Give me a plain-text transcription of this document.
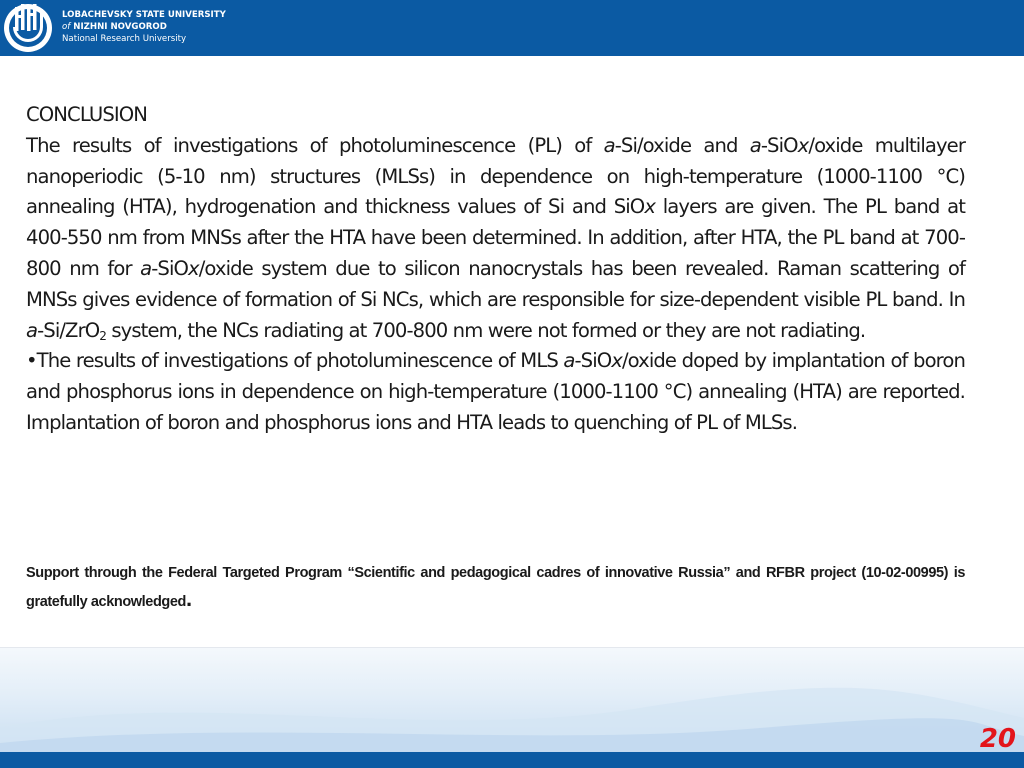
LOBACHEVSKY STATE UNIVERSITY
of NIZHNI NOVGOROD
National Research University

CONCLUSION

The results of investigations of photoluminescence (PL) of a-Si/oxide and a-SiOx/oxide multilayer nanoperiodic (5-10 nm) structures (MLSs) in dependence on high-temperature (1000-1100 °C) annealing (HTA), hydrogenation and thickness values of Si and SiOx layers are given. The PL band at 400-550 nm from MNSs after the HTA have been determined. In addition, after HTA, the PL band at 700-800 nm for a-SiOx/oxide system due to silicon nanocrystals has been revealed. Raman scattering of MNSs gives evidence of formation of Si NCs, which are responsible for size-dependent visible PL band. In a-Si/ZrO$_2$ system, the NCs radiating at 700-800 nm were not formed or they are not radiating.

•The results of investigations of photoluminescence of MLS a-SiOx/oxide doped by implantation of boron and phosphorus ions in dependence on high-temperature (1000-1100 °C) annealing (HTA) are reported. Implantation of boron and phosphorus ions and HTA leads to quenching of PL of MLSs.

Support through the Federal Targeted Program “Scientific and pedagogical cadres of innovative Russia” and RFBR project (10-02-00995) is gratefully acknowledged.
20
